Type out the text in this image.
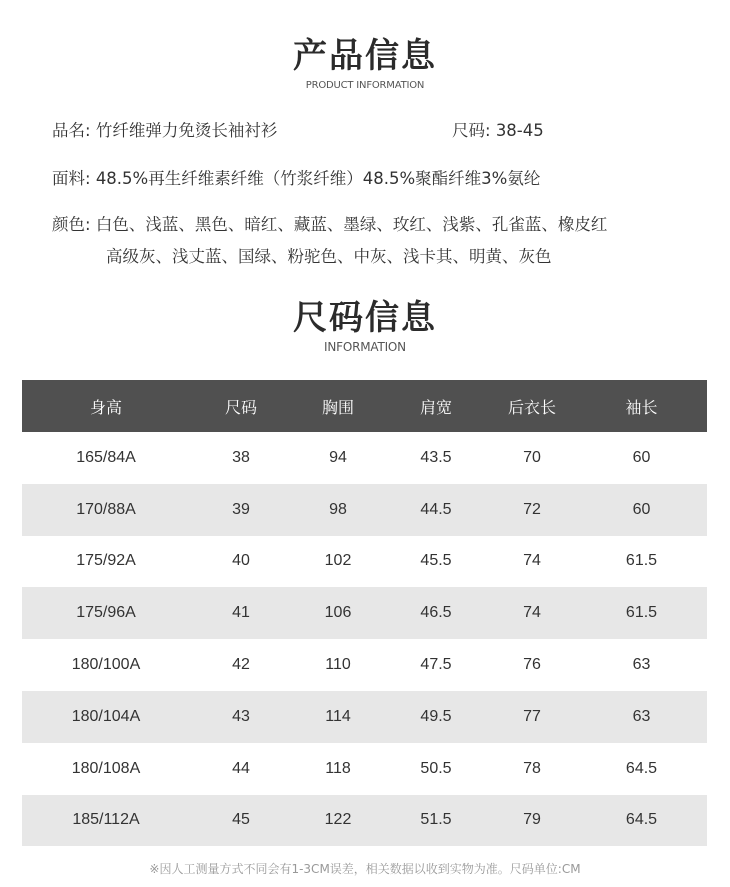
产品信息
PRODUCT INFORMATION
品名: 竹纤维弹力免烫长袖衬衫	尺码: 38-45
面料: 48.5%再生纤维素纤维（竹浆纤维）48.5%聚酯纤维3%氨纶
颜色: 白色、浅蓝、黑色、暗红、藏蓝、墨绿、玫红、浅紫、孔雀蓝、橡皮红
高级灰、浅丈蓝、国绿、粉驼色、中灰、浅卡其、明黄、灰色
尺码信息
INFORMATION
身高	尺码	胸围	肩宽	后衣长	袖长
165/84A	38	94	43.5	70	60
170/88A	39	98	44.5	72	60
175/92A	40	102	45.5	74	61.5
175/96A	41	106	46.5	74	61.5
180/100A	42	110	47.5	76	63
180/104A	43	114	49.5	77	63
180/108A	44	118	50.5	78	64.5
185/112A	45	122	51.5	79	64.5
※因人工测量方式不同会有1-3CM误差，相关数据以收到实物为准。尺码单位:CM
